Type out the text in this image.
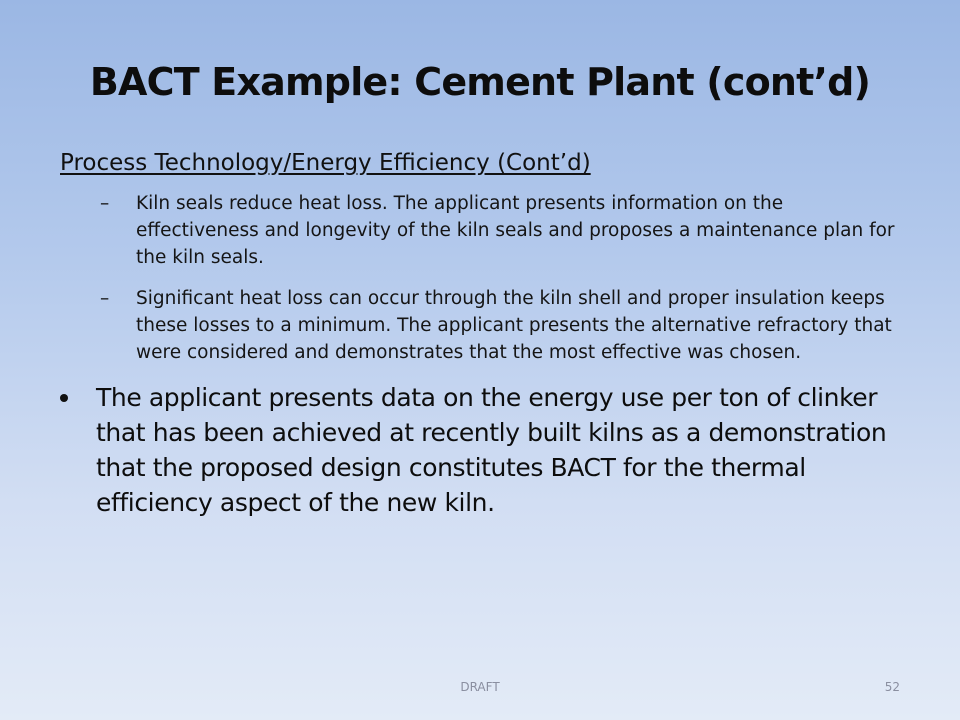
BACT Example: Cement Plant (cont’d)
Process Technology/Energy Efficiency (Cont’d)
– Kiln seals reduce heat loss. The applicant presents information on the effectiveness and longevity of the kiln seals and proposes a maintenance plan for the kiln seals.
– Significant heat loss can occur through the kiln shell and proper insulation keeps these losses to a minimum. The applicant presents the alternative refractory that were considered and demonstrates that the most effective was chosen.
The applicant presents data on the energy use per ton of clinker that has been achieved at recently built kilns as a demonstration that the proposed design constitutes BACT for the thermal efficiency aspect of the new kiln.
DRAFT	52
